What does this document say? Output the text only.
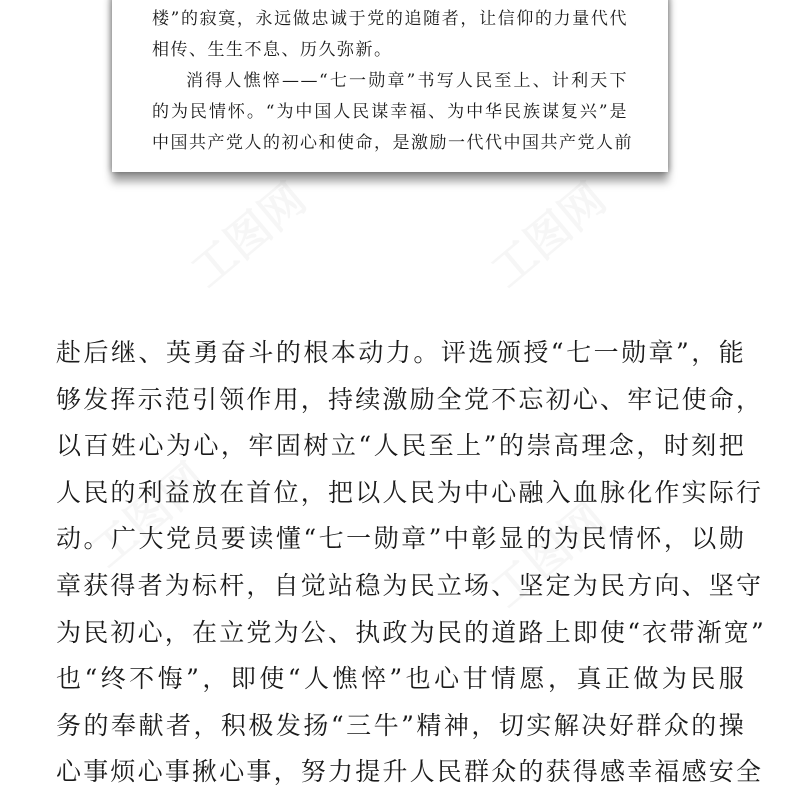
楼”的寂寞，永远做忠诚于党的追随者，让信仰的力量代代
相传、生生不息、历久弥新。
消得人憔悴——“七一勋章”书写人民至上、计利天下
的为民情怀。“为中国人民谋幸福、为中华民族谋复兴”是
中国共产党人的初心和使命，是激励一代代中国共产党人前
赴后继、英勇奋斗的根本动力。评选颁授“七一勋章”，能
够发挥示范引领作用，持续激励全党不忘初心、牢记使命，
以百姓心为心，牢固树立“人民至上”的崇高理念，时刻把
人民的利益放在首位，把以人民为中心融入血脉化作实际行
动。广大党员要读懂“七一勋章”中彰显的为民情怀，以勋
章获得者为标杆，自觉站稳为民立场、坚定为民方向、坚守
为民初心，在立党为公、执政为民的道路上即使“衣带渐宽”
也“终不悔”，即使“人憔悴”也心甘情愿，真正做为民服
务的奉献者，积极发扬“三牛”精神，切实解决好群众的操
心事烦心事揪心事，努力提升人民群众的获得感幸福感安全
